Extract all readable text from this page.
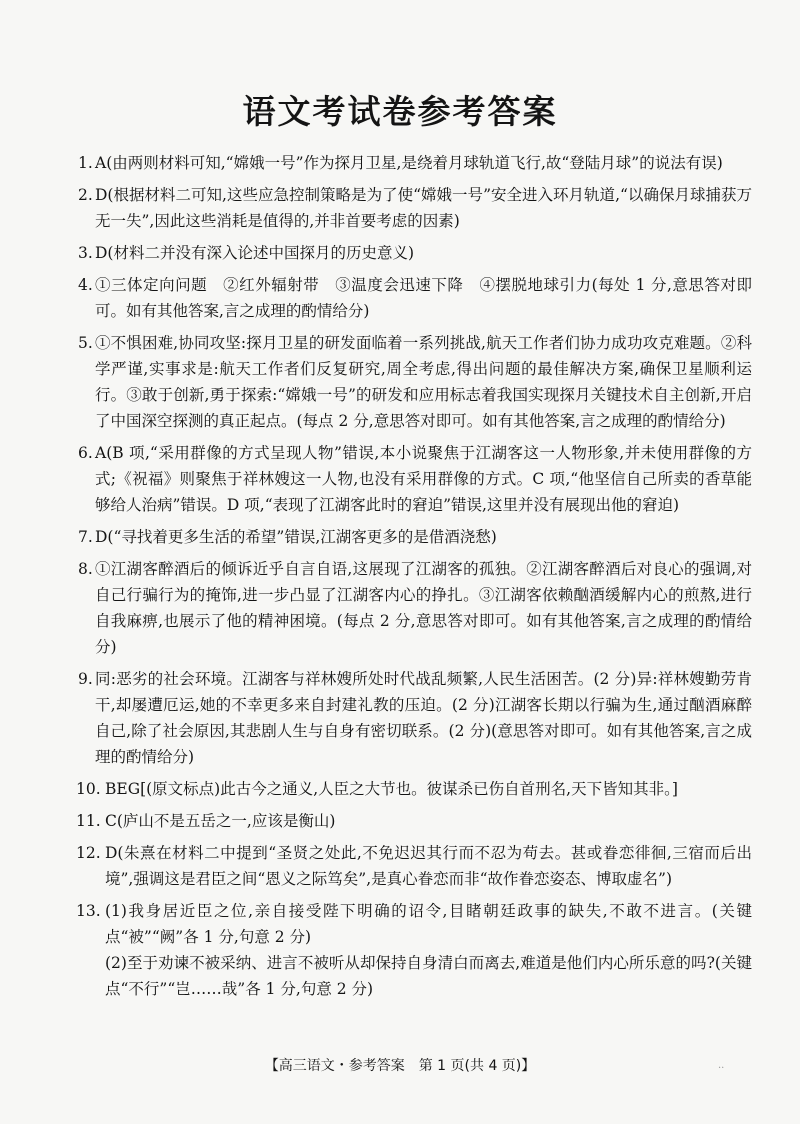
语文考试卷参考答案
1. A(由两则材料可知,“嫦娥一号”作为探月卫星,是绕着月球轨道飞行,故“登陆月球”的说法有误)
2. D(根据材料二可知,这些应急控制策略是为了使“嫦娥一号”安全进入环月轨道,“以确保月球捕获万无一失”,因此这些消耗是值得的,并非首要考虑的因素)
3. D(材料二并没有深入论述中国探月的历史意义)
4. ①三体定向问题　②红外辐射带　③温度会迅速下降　④摆脱地球引力(每处 1 分,意思答对即可。如有其他答案,言之成理的酌情给分)
5. ①不惧困难,协同攻坚:探月卫星的研发面临着一系列挑战,航天工作者们协力成功攻克难题。②科学严谨,实事求是:航天工作者们反复研究,周全考虑,得出问题的最佳解决方案,确保卫星顺利运行。③敢于创新,勇于探索:“嫦娥一号”的研发和应用标志着我国实现探月关键技术自主创新,开启了中国深空探测的真正起点。(每点 2 分,意思答对即可。如有其他答案,言之成理的酌情给分)
6. A(B 项,“采用群像的方式呈现人物”错误,本小说聚焦于江湖客这一人物形象,并未使用群像的方式;《祝福》则聚焦于祥林嫂这一人物,也没有采用群像的方式。C 项,“他坚信自己所卖的香草能够给人治病”错误。D 项,“表现了江湖客此时的窘迫”错误,这里并没有展现出他的窘迫)
7. D(“寻找着更多生活的希望”错误,江湖客更多的是借酒浇愁)
8. ①江湖客醉酒后的倾诉近乎自言自语,这展现了江湖客的孤独。②江湖客醉酒后对良心的强调,对自己行骗行为的掩饰,进一步凸显了江湖客内心的挣扎。③江湖客依赖酗酒缓解内心的煎熬,进行自我麻痹,也展示了他的精神困境。(每点 2 分,意思答对即可。如有其他答案,言之成理的酌情给分)
9. 同:恶劣的社会环境。江湖客与祥林嫂所处时代战乱频繁,人民生活困苦。(2 分)异:祥林嫂勤劳肯干,却屡遭厄运,她的不幸更多来自封建礼教的压迫。(2 分)江湖客长期以行骗为生,通过酗酒麻醉自己,除了社会原因,其悲剧人生与自身有密切联系。(2 分)(意思答对即可。如有其他答案,言之成理的酌情给分)
10. BEG[(原文标点)此古今之通义,人臣之大节也。彼谋杀已伤自首刑名,天下皆知其非。]
11. C(庐山不是五岳之一,应该是衡山)
12. D(朱熹在材料二中提到“圣贤之处此,不免迟迟其行而不忍为苟去。甚或眷恋徘徊,三宿而后出境”,强调这是君臣之间“恩义之际笃矣”,是真心眷恋而非“故作眷恋姿态、博取虚名”)
13. (1)我身居近臣之位,亲自接受陛下明确的诏令,目睹朝廷政事的缺失,不敢不进言。(关键点“被”“阙”各 1 分,句意 2 分)
(2)至于劝谏不被采纳、进言不被听从却保持自身清白而离去,难道是他们内心所乐意的吗?(关键点“不行”“岂……哉”各 1 分,句意 2 分)
【高三语文・参考答案　第 1 页(共 4 页)】	..
